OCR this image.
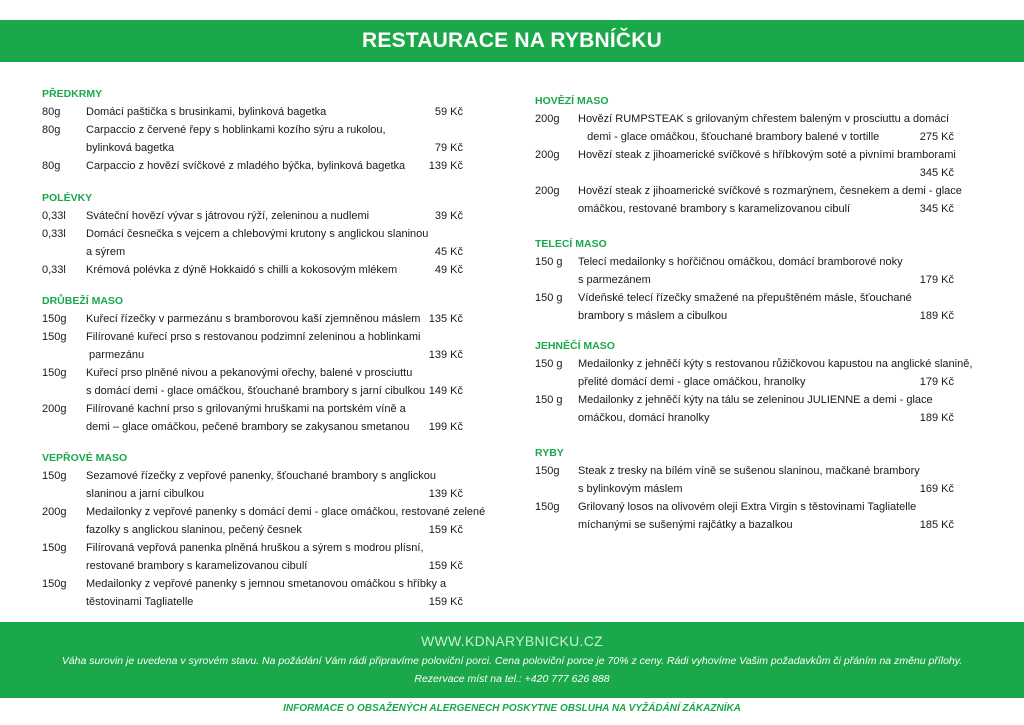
RESTAURACE NA RYBNÍČKU
PŘEDKRMY
80g Domácí paštička s brusinkami, bylinková bagetka	59 Kč
80g Carpaccio z červené řepy s hoblinkami kozího sýru a rukolou,
bylinková bagetka	79 Kč
80g Carpaccio z hovězí svíčkové z mladého býčka, bylinková bagetka 139 Kč
POLÉVKY
0,33l Sváteční hovězí vývar s játrovou rýží, zeleninou a nudlemi	39 Kč
0,33l Domácí česnečka s vejcem a chlebovými krutony s anglickou slaninou
a sýrem	45 Kč
0,33l Krémová polévka z dýně Hokkaidó s chilli a kokosovým mlékem	49 Kč
DRŮBEŽÍ MASO
150g Kuřecí řízečky v parmezánu s bramborovou kaší zjemněnou máslem 135 Kč
150g Filírované kuřecí prso s restovanou podzimní zeleninou a hoblinkami
parmezánu	139 Kč
150g Kuřecí prso plněné nivou a pekanovými ořechy, balené v prosciuttu
s domácí demi - glace omáčkou, šťouchané brambory s jarní cibulkou 149 Kč
200g Filírované kachní prso s grilovanými hruškami na portském víně a
demi – glace omáčkou, pečené brambory se zakysanou smetanou 199 Kč
VEPŘOVÉ MASO
150g Sezamové řízečky z vepřové panenky, šťouchané brambory s anglickou
slaninou a jarní cibulkou	139 Kč
200g Medailonky z vepřové panenky s domácí demi - glace omáčkou, restované zelené
fazolky s anglickou slaninou, pečený česnek	159 Kč
150g Filírovaná vepřová panenka plněná hruškou a sýrem s modrou plísní,
restované brambory s karamelizovanou cibulí	159 Kč
150g Medailonky z vepřové panenky s jemnou smetanovou omáčkou s hříbky a
těstovinami Tagliatelle	159 Kč
HOVĚZÍ MASO
200g Hovězí RUMPSTEAK s grilovaným chřestem baleným v prosciuttu a domácí
demi - glace omáčkou, šťouchané brambory balené v tortille	275 Kč
200g Hovězí steak z jihoamerické svíčkové s hříbkovým soté a pivními bramborami
345 Kč
200g Hovězí steak z jihoamerické svíčkové s rozmarýnem, česnekem a demi - glace
omáčkou, restované brambory s karamelizovanou cibulí	345 Kč
TELECÍ MASO
150 g Telecí medailonky s hořčičnou omáčkou, domácí bramborové noky
s parmezánem	179 Kč
150 g Vídeňské telecí řízečky smažené na přepuštěném másle, šťouchané
brambory s máslem a cibulkou	189 Kč
JEHNĚČÍ MASO
150 g Medailonky z jehněčí kýty s restovanou růžičkovou kapustou na anglické slanině,
přelité domácí demi - glace omáčkou, hranolky	179 Kč
150 g Medailonky z jehněčí kýty na tálu se zeleninou JULIENNE a demi - glace
omáčkou, domácí hranolky	189 Kč
RYBY
150g Steak z tresky na bílém víně se sušenou slaninou, mačkané brambory
s bylinkovým máslem	169 Kč
150g Grilovaný losos na olivovém oleji Extra Virgin s těstovinami Tagliatelle
míchanými se sušenými rajčátky a bazalkou	185 Kč
WWW.KDNARYBNICKU.CZ
Váha surovin je uvedena v syrovém stavu. Na požádání Vám rádi připravíme poloviční porci. Cena poloviční porce je 70% z ceny. Rádi vyhovíme Vašim požadavkům či přáním na změnu přílohy.
Rezervace míst na tel.: +420 777 626 888
INFORMACE O OBSAŽENÝCH ALERGENECH POSKYTNE OBSLUHA NA VYŽÁDÁNÍ ZÁKAZNÍKA
